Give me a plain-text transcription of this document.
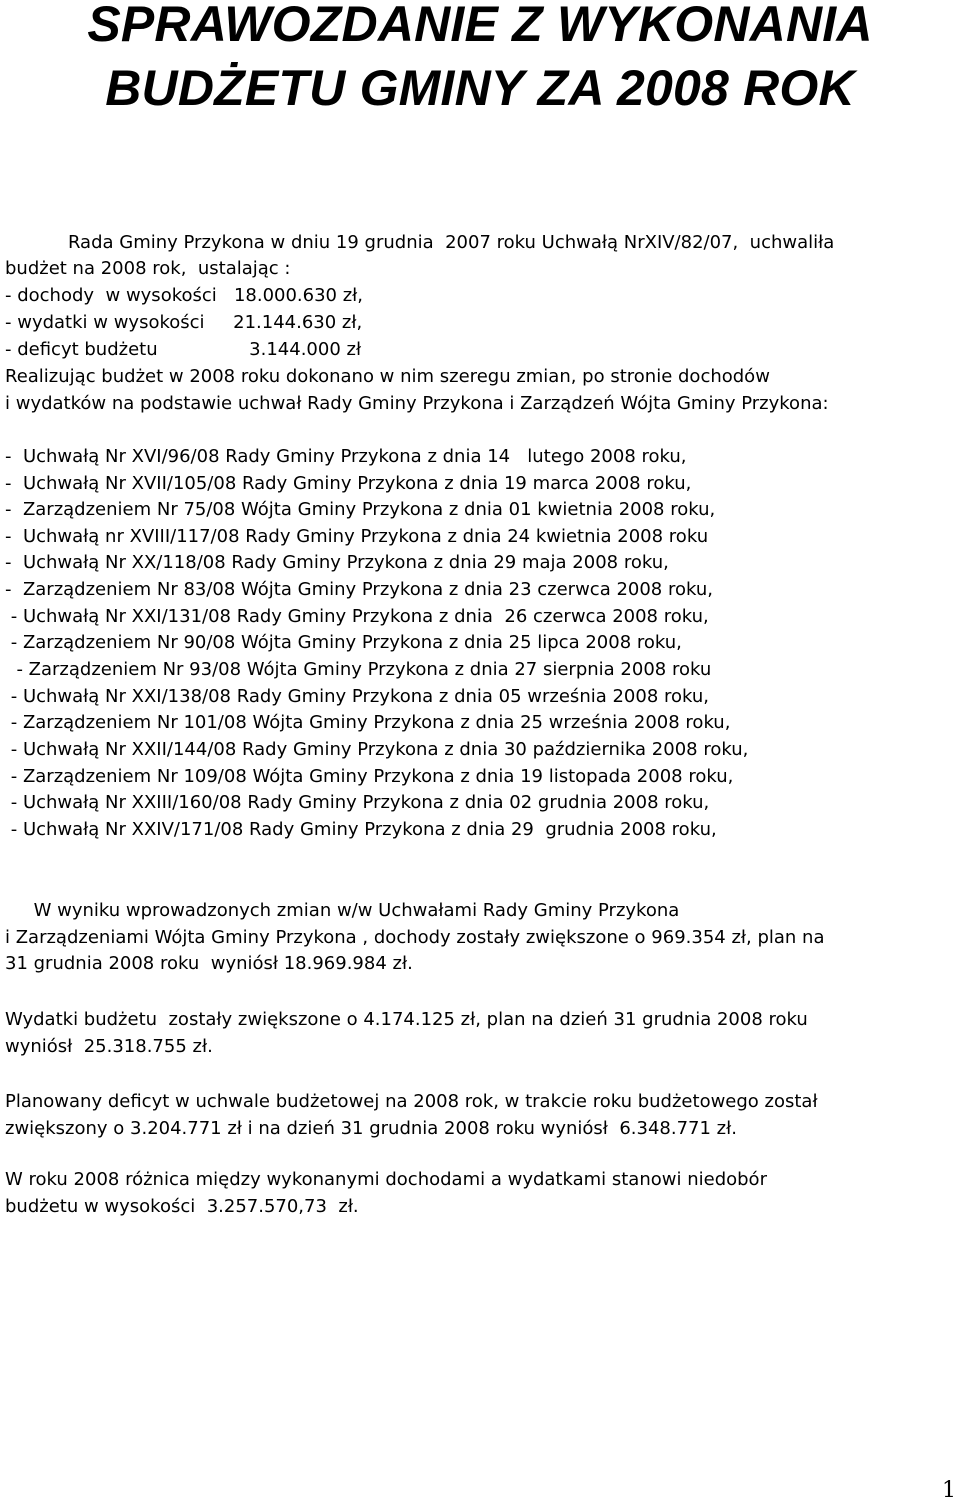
SPRAWOZDANIE Z WYKONANIA
BUDŻETU GMINY ZA 2008 ROK
Rada Gminy Przykona w dniu 19 grudnia  2007 roku Uchwałą NrXIV/82/07,  uchwaliła
budżet na 2008 rok,  ustalając :
- dochody  w wysokości   18.000.630 zł,
- wydatki w wysokości     21.144.630 zł,
- deficyt budżetu                3.144.000 zł
Realizując budżet w 2008 roku dokonano w nim szeregu zmian, po stronie dochodów
i wydatków na podstawie uchwał Rady Gminy Przykona i Zarządzeń Wójta Gminy Przykona:
-  Uchwałą Nr XVI/96/08 Rady Gminy Przykona z dnia 14   lutego 2008 roku,
-  Uchwałą Nr XVII/105/08 Rady Gminy Przykona z dnia 19 marca 2008 roku,
-  Zarządzeniem Nr 75/08 Wójta Gminy Przykona z dnia 01 kwietnia 2008 roku,
-  Uchwałą nr XVIII/117/08 Rady Gminy Przykona z dnia 24 kwietnia 2008 roku
-  Uchwałą Nr XX/118/08 Rady Gminy Przykona z dnia 29 maja 2008 roku,
-  Zarządzeniem Nr 83/08 Wójta Gminy Przykona z dnia 23 czerwca 2008 roku,
- Uchwałą Nr XXI/131/08 Rady Gminy Przykona z dnia  26 czerwca 2008 roku,
- Zarządzeniem Nr 90/08 Wójta Gminy Przykona z dnia 25 lipca 2008 roku,
- Zarządzeniem Nr 93/08 Wójta Gminy Przykona z dnia 27 sierpnia 2008 roku
- Uchwałą Nr XXI/138/08 Rady Gminy Przykona z dnia 05 września 2008 roku,
- Zarządzeniem Nr 101/08 Wójta Gminy Przykona z dnia 25 września 2008 roku,
- Uchwałą Nr XXII/144/08 Rady Gminy Przykona z dnia 30 października 2008 roku,
- Zarządzeniem Nr 109/08 Wójta Gminy Przykona z dnia 19 listopada 2008 roku,
- Uchwałą Nr XXIII/160/08 Rady Gminy Przykona z dnia 02 grudnia 2008 roku,
- Uchwałą Nr XXIV/171/08 Rady Gminy Przykona z dnia 29  grudnia 2008 roku,
W wyniku wprowadzonych zmian w/w Uchwałami Rady Gminy Przykona
i Zarządzeniami Wójta Gminy Przykona , dochody zostały zwiększone o 969.354 zł, plan na
31 grudnia 2008 roku  wyniósł 18.969.984 zł.
Wydatki budżetu  zostały zwiększone o 4.174.125 zł, plan na dzień 31 grudnia 2008 roku
wyniósł  25.318.755 zł.
Planowany deficyt w uchwale budżetowej na 2008 rok, w trakcie roku budżetowego został
zwiększony o 3.204.771 zł i na dzień 31 grudnia 2008 roku wyniósł  6.348.771 zł.
W roku 2008 różnica między wykonanymi dochodami a wydatkami stanowi niedobór
budżetu w wysokości  3.257.570,73  zł.
1
